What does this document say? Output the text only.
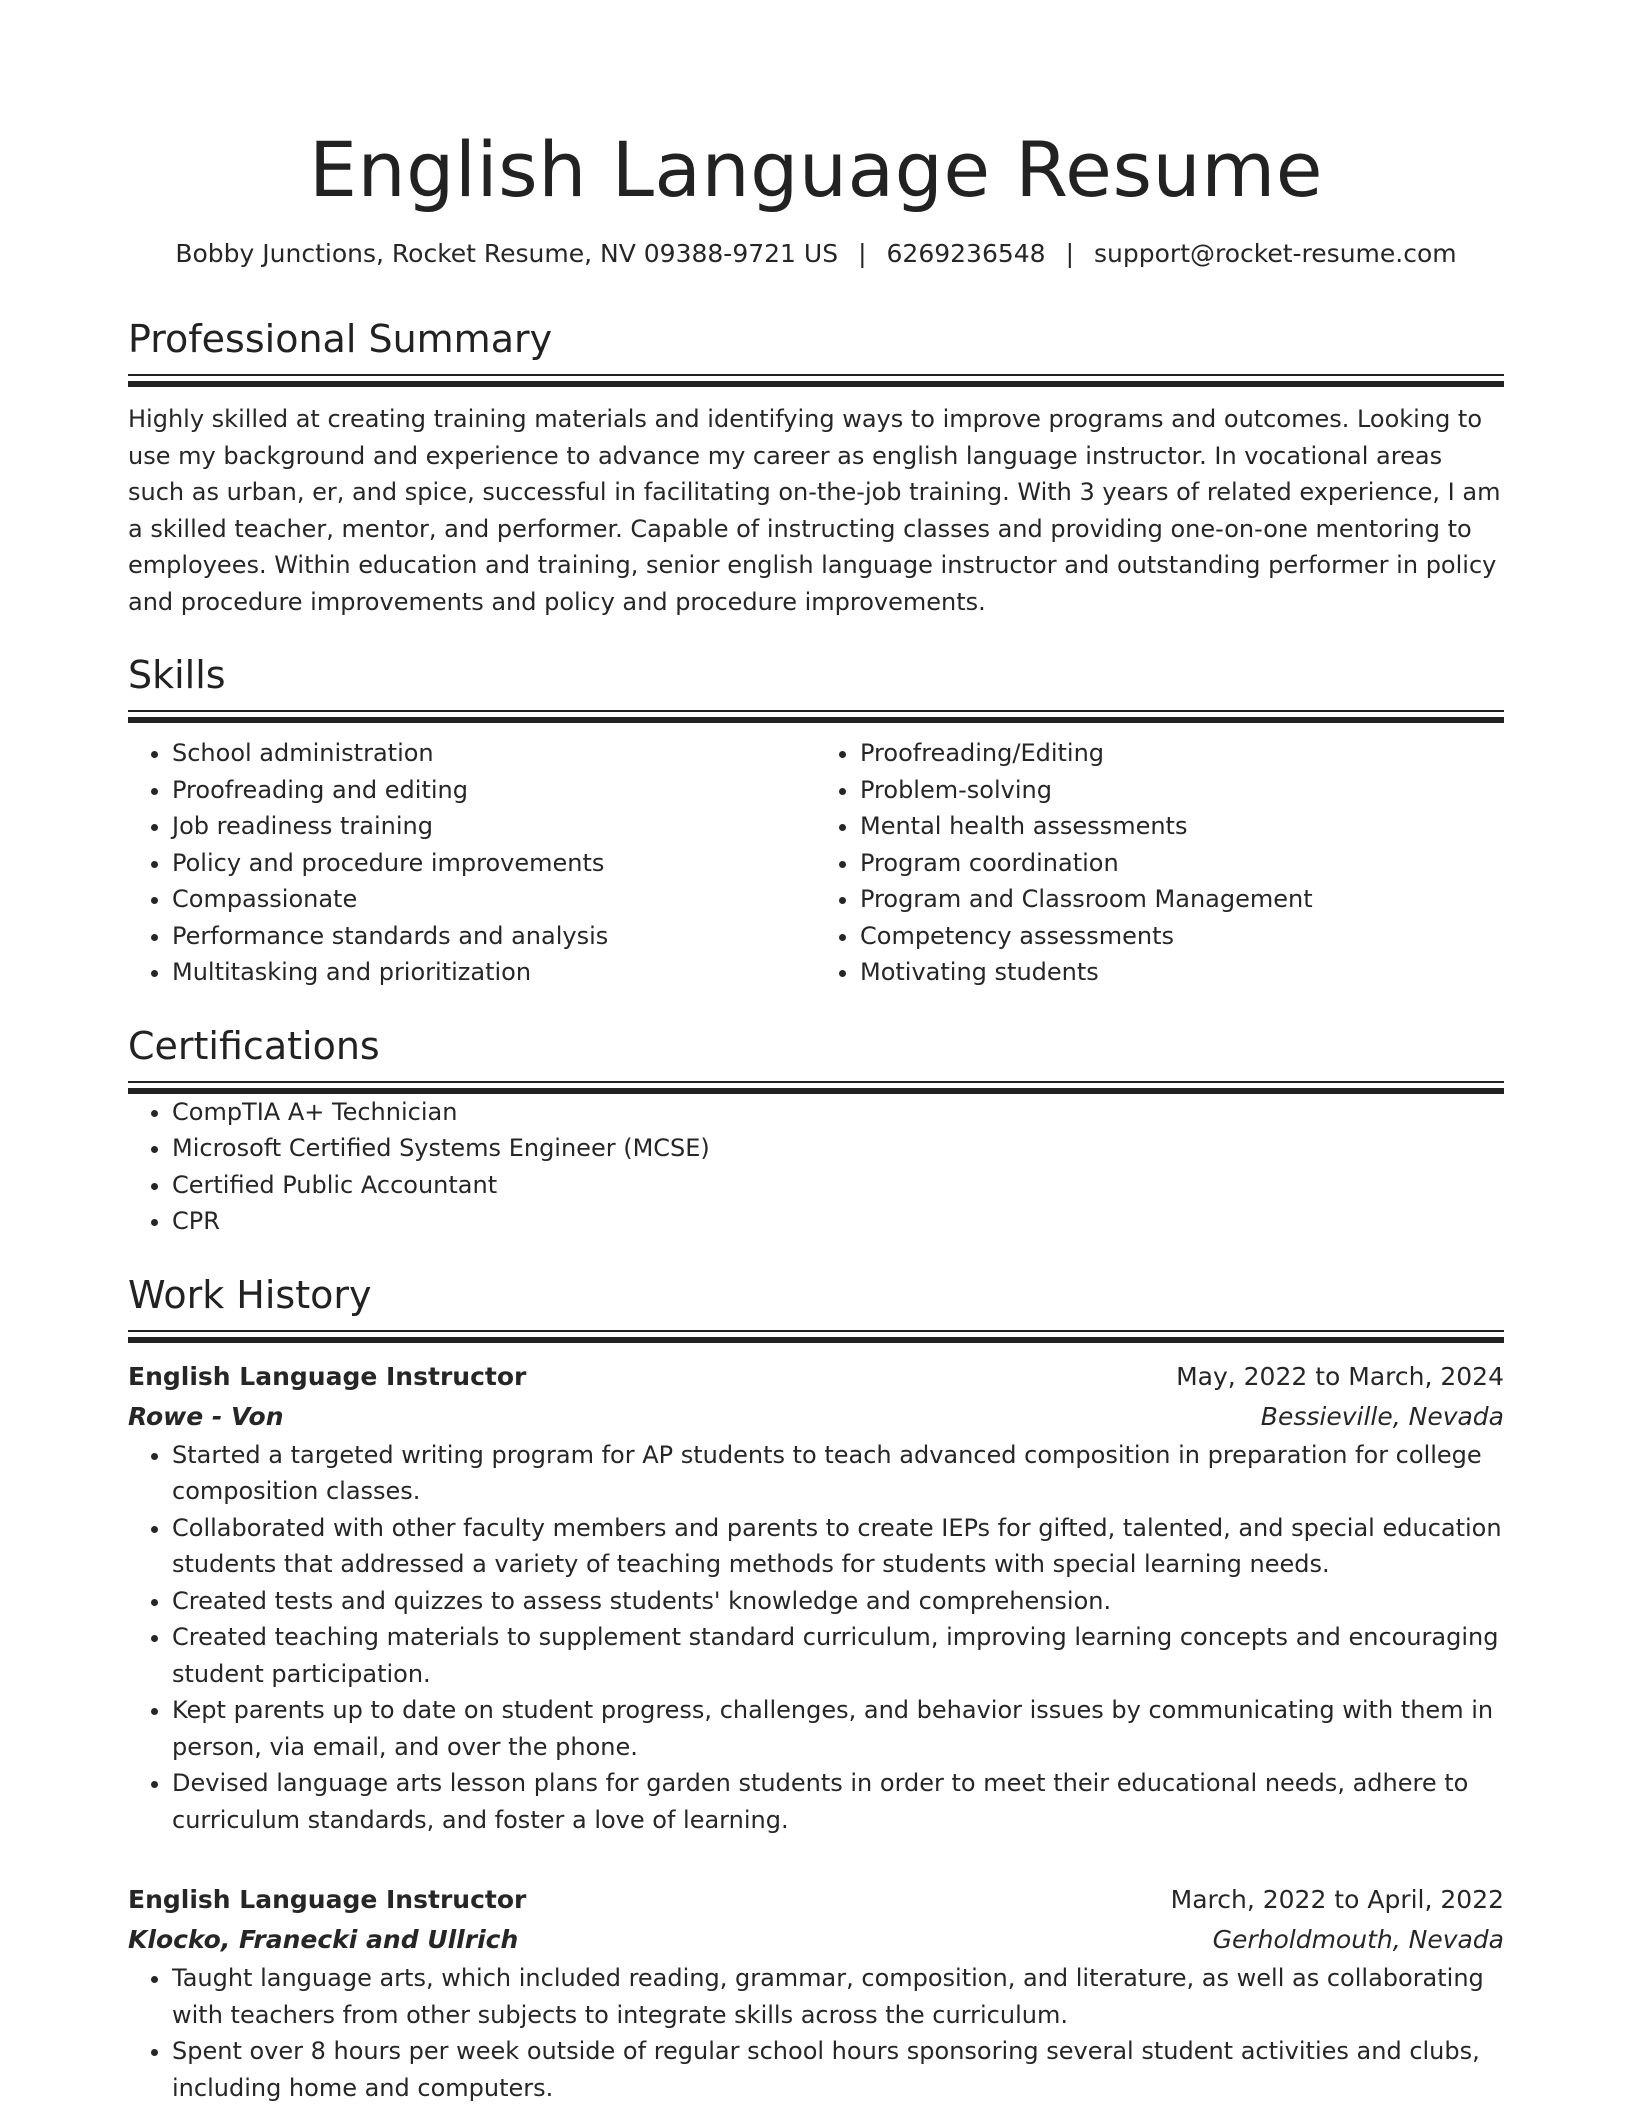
English Language Resume
Bobby Junctions, Rocket Resume, NV 09388-9721 US | 6269236548 | support@rocket-resume.com
Professional Summary
Highly skilled at creating training materials and identifying ways to improve programs and outcomes. Looking to use my background and experience to advance my career as english language instructor. In vocational areas such as urban, er, and spice, successful in facilitating on-the-job training. With 3 years of related experience, I am a skilled teacher, mentor, and performer. Capable of instructing classes and providing one-on-one mentoring to employees. Within education and training, senior english language instructor and outstanding performer in policy and procedure improvements and policy and procedure improvements.
Skills
• School administration
• Proofreading and editing
• Job readiness training
• Policy and procedure improvements
• Compassionate
• Performance standards and analysis
• Multitasking and prioritization
• Proofreading/Editing
• Problem-solving
• Mental health assessments
• Program coordination
• Program and Classroom Management
• Competency assessments
• Motivating students
Certifications
• CompTIA A+ Technician
• Microsoft Certified Systems Engineer (MCSE)
• Certified Public Accountant
• CPR
Work History
English Language Instructor	May, 2022 to March, 2024
Rowe - Von	Bessieville, Nevada
• Started a targeted writing program for AP students to teach advanced composition in preparation for college composition classes.
• Collaborated with other faculty members and parents to create IEPs for gifted, talented, and special education students that addressed a variety of teaching methods for students with special learning needs.
• Created tests and quizzes to assess students' knowledge and comprehension.
• Created teaching materials to supplement standard curriculum, improving learning concepts and encouraging student participation.
• Kept parents up to date on student progress, challenges, and behavior issues by communicating with them in person, via email, and over the phone.
• Devised language arts lesson plans for garden students in order to meet their educational needs, adhere to curriculum standards, and foster a love of learning.
English Language Instructor	March, 2022 to April, 2022
Klocko, Franecki and Ullrich	Gerholdmouth, Nevada
• Taught language arts, which included reading, grammar, composition, and literature, as well as collaborating with teachers from other subjects to integrate skills across the curriculum.
• Spent over 8 hours per week outside of regular school hours sponsoring several student activities and clubs, including home and computers.
